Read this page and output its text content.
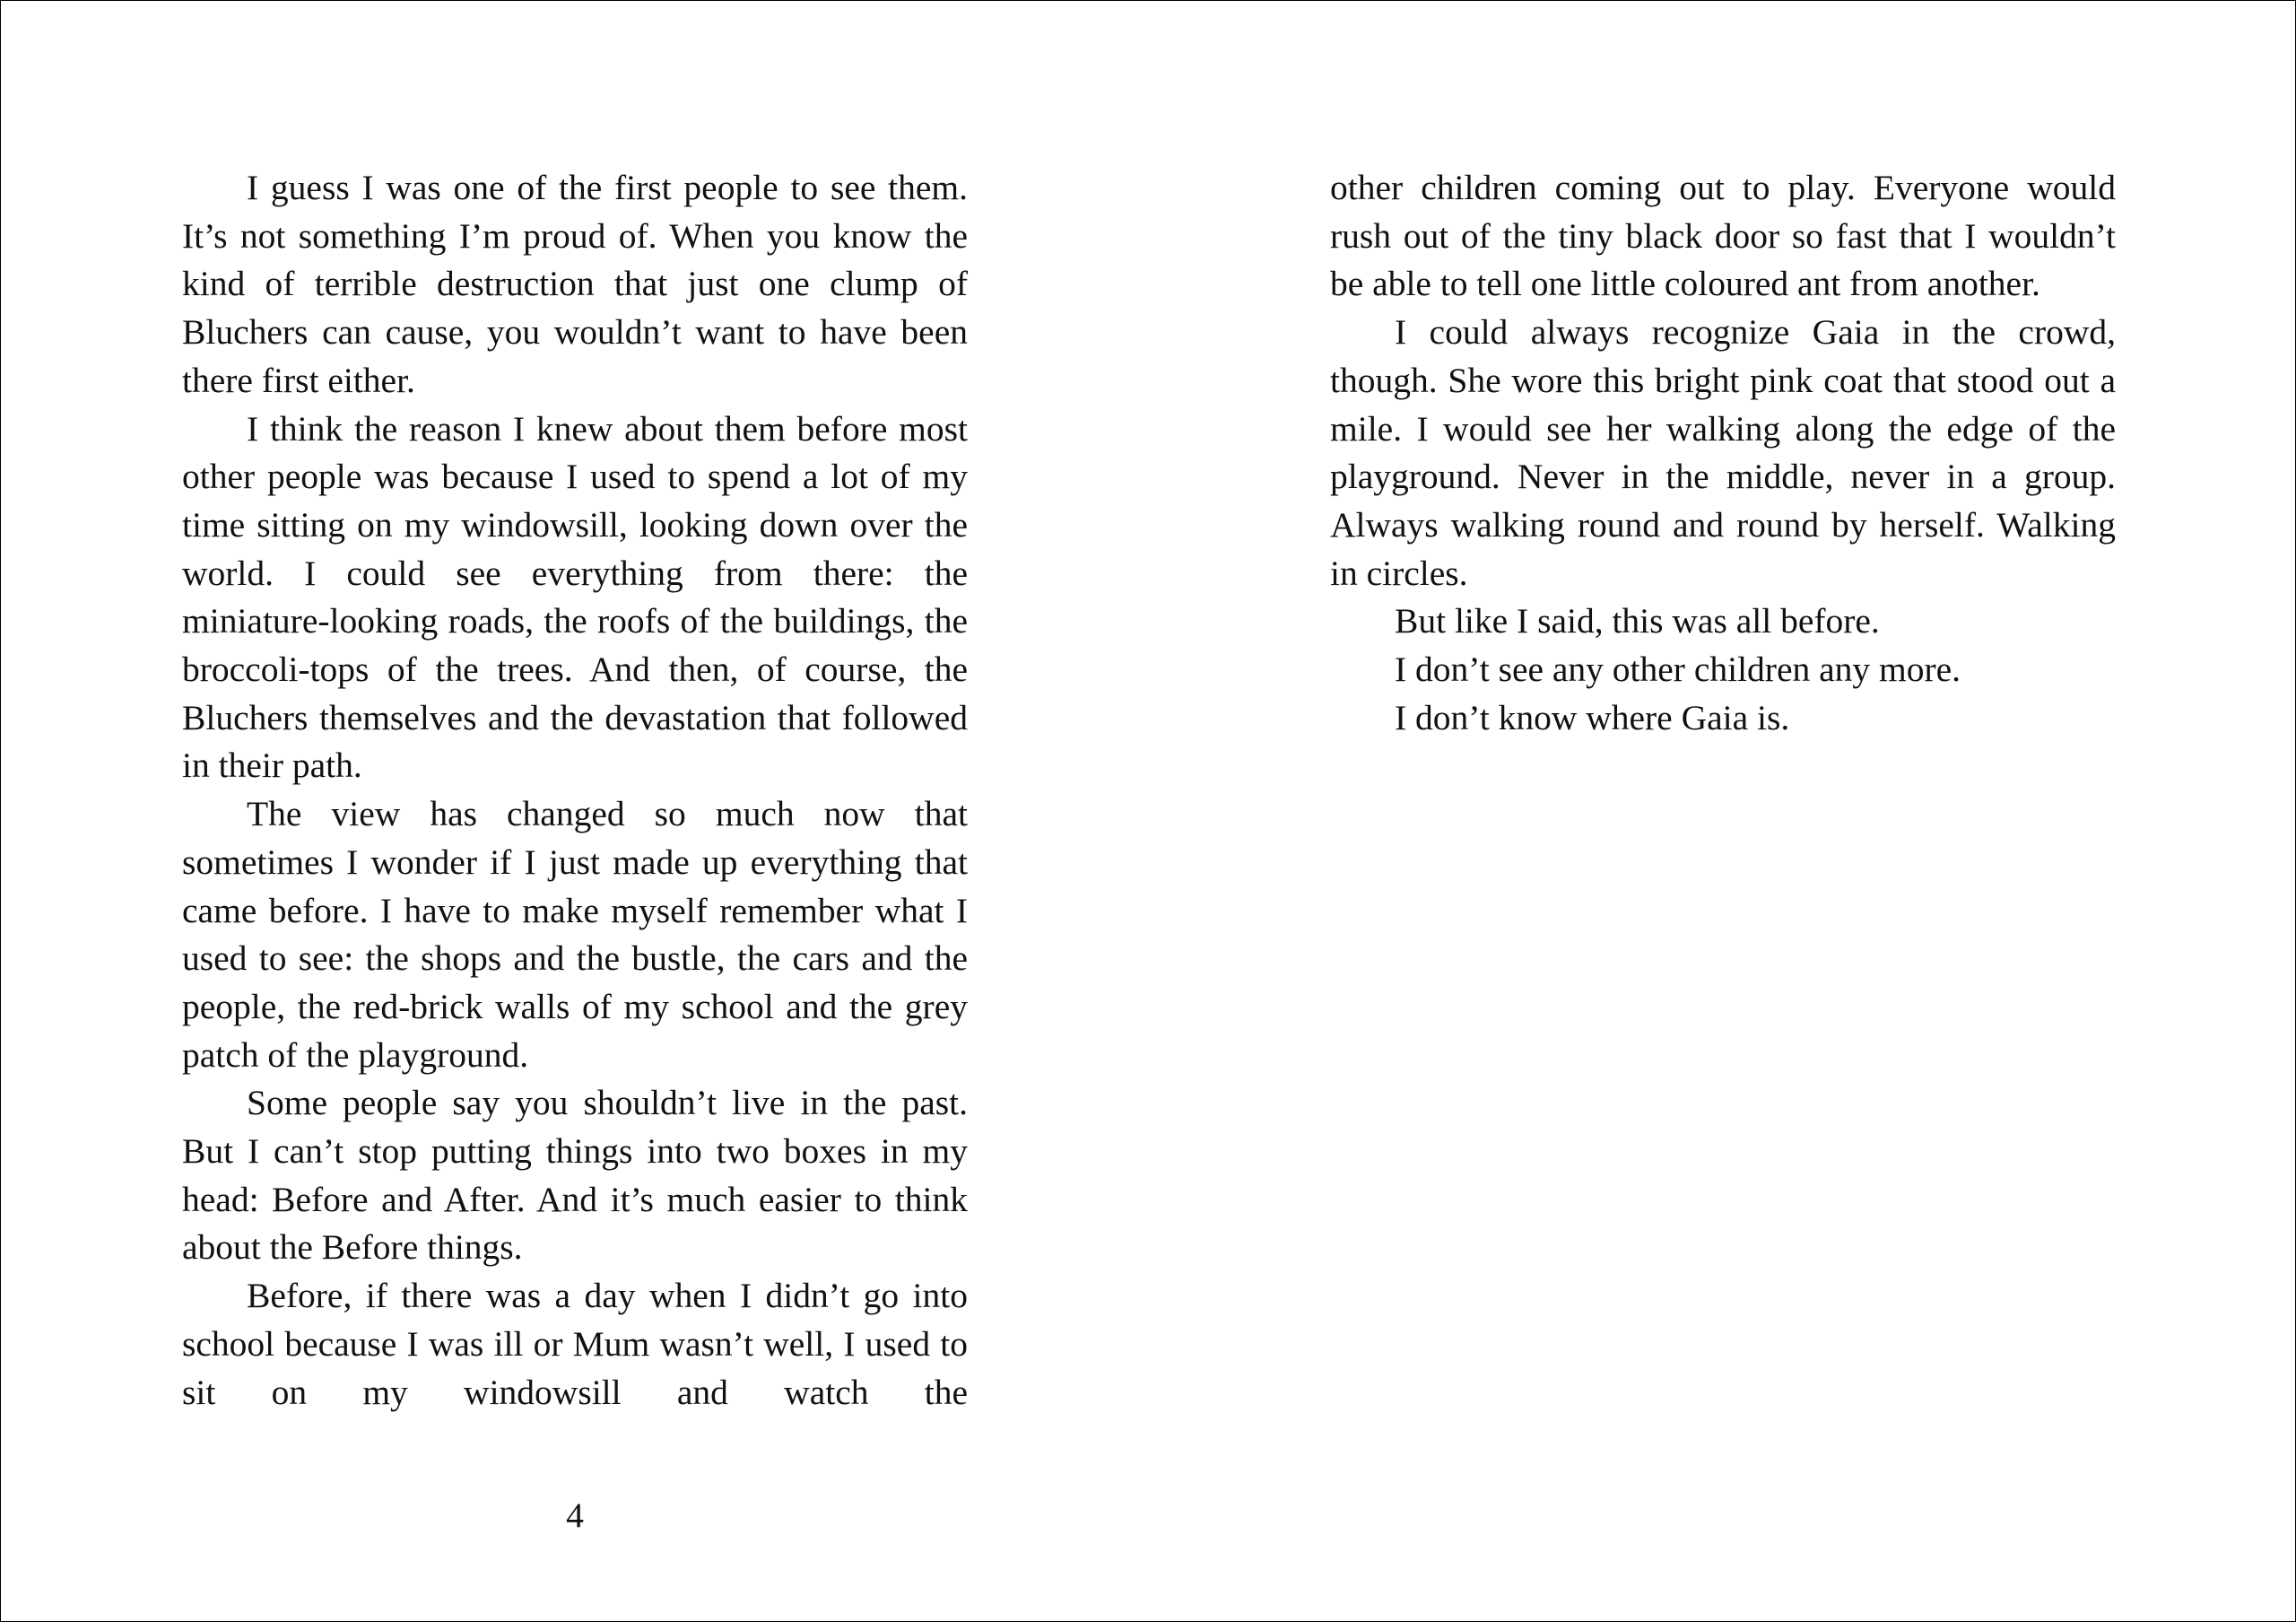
I guess I was one of the first people to see them. It’s not something I’m proud of. When you know the kind of terrible destruction that just one clump of Bluchers can cause, you wouldn’t want to have been there first either.

I think the reason I knew about them before most other people was because I used to spend a lot of my time sitting on my windowsill, looking down over the world. I could see everything from there: the miniature-looking roads, the roofs of the buildings, the broccoli-tops of the trees. And then, of course, the Bluchers themselves and the devastation that followed in their path.

The view has changed so much now that sometimes I wonder if I just made up everything that came before. I have to make myself remember what I used to see: the shops and the bustle, the cars and the people, the red-brick walls of my school and the grey patch of the playground.

Some people say you shouldn’t live in the past. But I can’t stop putting things into two boxes in my head: Before and After. And it’s much easier to think about the Before things.

Before, if there was a day when I didn’t go into school because I was ill or Mum wasn’t well, I used to sit on my windowsill and watch the

4

other children coming out to play. Everyone would rush out of the tiny black door so fast that I wouldn’t be able to tell one little coloured ant from another.

I could always recognize Gaia in the crowd, though. She wore this bright pink coat that stood out a mile. I would see her walking along the edge of the playground. Never in the middle, never in a group. Always walking round and round by herself. Walking in circles.

But like I said, this was all before.

I don’t see any other children any more.

I don’t know where Gaia is.
